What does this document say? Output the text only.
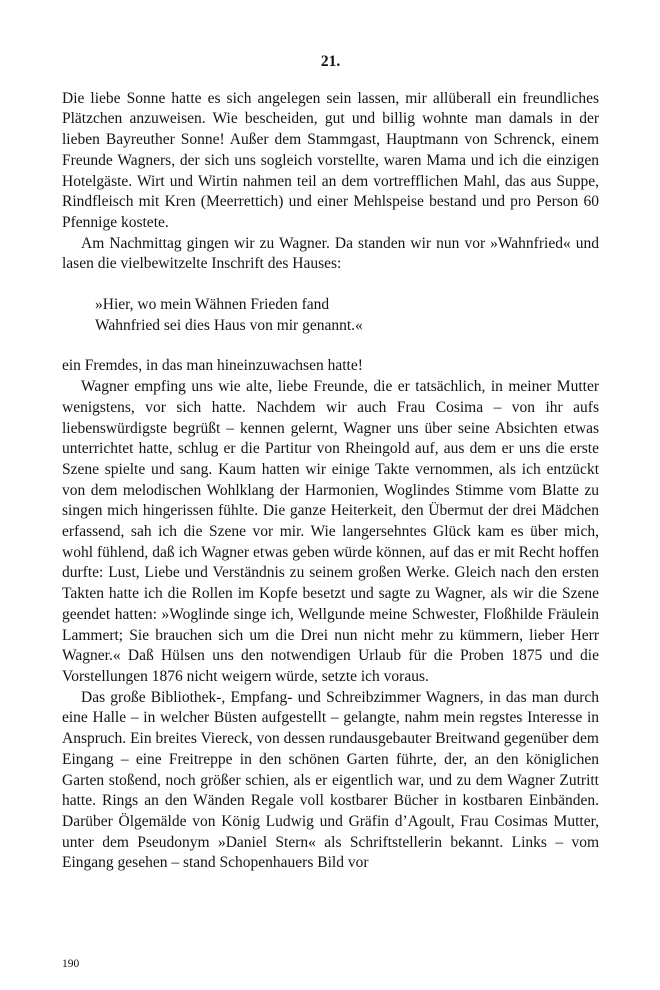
21.

Die liebe Sonne hatte es sich angelegen sein lassen, mir allüberall ein freundliches Plätzchen anzuweisen. Wie bescheiden, gut und billig wohnte man damals in der lieben Bayreuther Sonne! Außer dem Stammgast, Hauptmann von Schrenck, einem Freunde Wagners, der sich uns sogleich vorstellte, waren Mama und ich die einzigen Hotelgäste. Wirt und Wirtin nahmen teil an dem vortrefflichen Mahl, das aus Suppe, Rindfleisch mit Kren (Meerrettich) und einer Mehlspeise bestand und pro Person 60 Pfennige kostete.

Am Nachmittag gingen wir zu Wagner. Da standen wir nun vor »Wahnfried« und lasen die vielbewitzelte Inschrift des Hauses:

»Hier, wo mein Wähnen Frieden fand
Wahnfried sei dies Haus von mir genannt.«

ein Fremdes, in das man hineinzuwachsen hatte!

Wagner empfing uns wie alte, liebe Freunde, die er tatsächlich, in meiner Mutter wenigstens, vor sich hatte. Nachdem wir auch Frau Cosima – von ihr aufs liebenswürdigste begrüßt – kennen gelernt, Wagner uns über seine Absichten etwas unterrichtet hatte, schlug er die Partitur von Rheingold auf, aus dem er uns die erste Szene spielte und sang. Kaum hatten wir einige Takte vernommen, als ich entzückt von dem melodischen Wohlklang der Harmonien, Woglindes Stimme vom Blatte zu singen mich hingerissen fühlte. Die ganze Heiterkeit, den Übermut der drei Mädchen erfassend, sah ich die Szene vor mir. Wie langersehntes Glück kam es über mich, wohl fühlend, daß ich Wagner etwas geben würde können, auf das er mit Recht hoffen durfte: Lust, Liebe und Verständnis zu seinem großen Werke. Gleich nach den ersten Takten hatte ich die Rollen im Kopfe besetzt und sagte zu Wagner, als wir die Szene geendet hatten: »Woglinde singe ich, Wellgunde meine Schwester, Floßhilde Fräulein Lammert; Sie brauchen sich um die Drei nun nicht mehr zu kümmern, lieber Herr Wagner.« Daß Hülsen uns den notwendigen Urlaub für die Proben 1875 und die Vorstellungen 1876 nicht weigern würde, setzte ich voraus.

Das große Bibliothek-, Empfang- und Schreibzimmer Wagners, in das man durch eine Halle – in welcher Büsten aufgestellt – gelangte, nahm mein regstes Interesse in Anspruch. Ein breites Viereck, von dessen rundausgebauter Breitwand gegenüber dem Eingang – eine Freitreppe in den schönen Garten führte, der, an den königlichen Garten stoßend, noch größer schien, als er eigentlich war, und zu dem Wagner Zutritt hatte. Rings an den Wänden Regale voll kostbarer Bücher in kostbaren Einbänden. Darüber Ölgemälde von König Ludwig und Gräfin d’Agoult, Frau Cosimas Mutter, unter dem Pseudonym »Daniel Stern« als Schriftstellerin bekannt. Links – vom Eingang gesehen – stand Schopenhauers Bild vor

190
